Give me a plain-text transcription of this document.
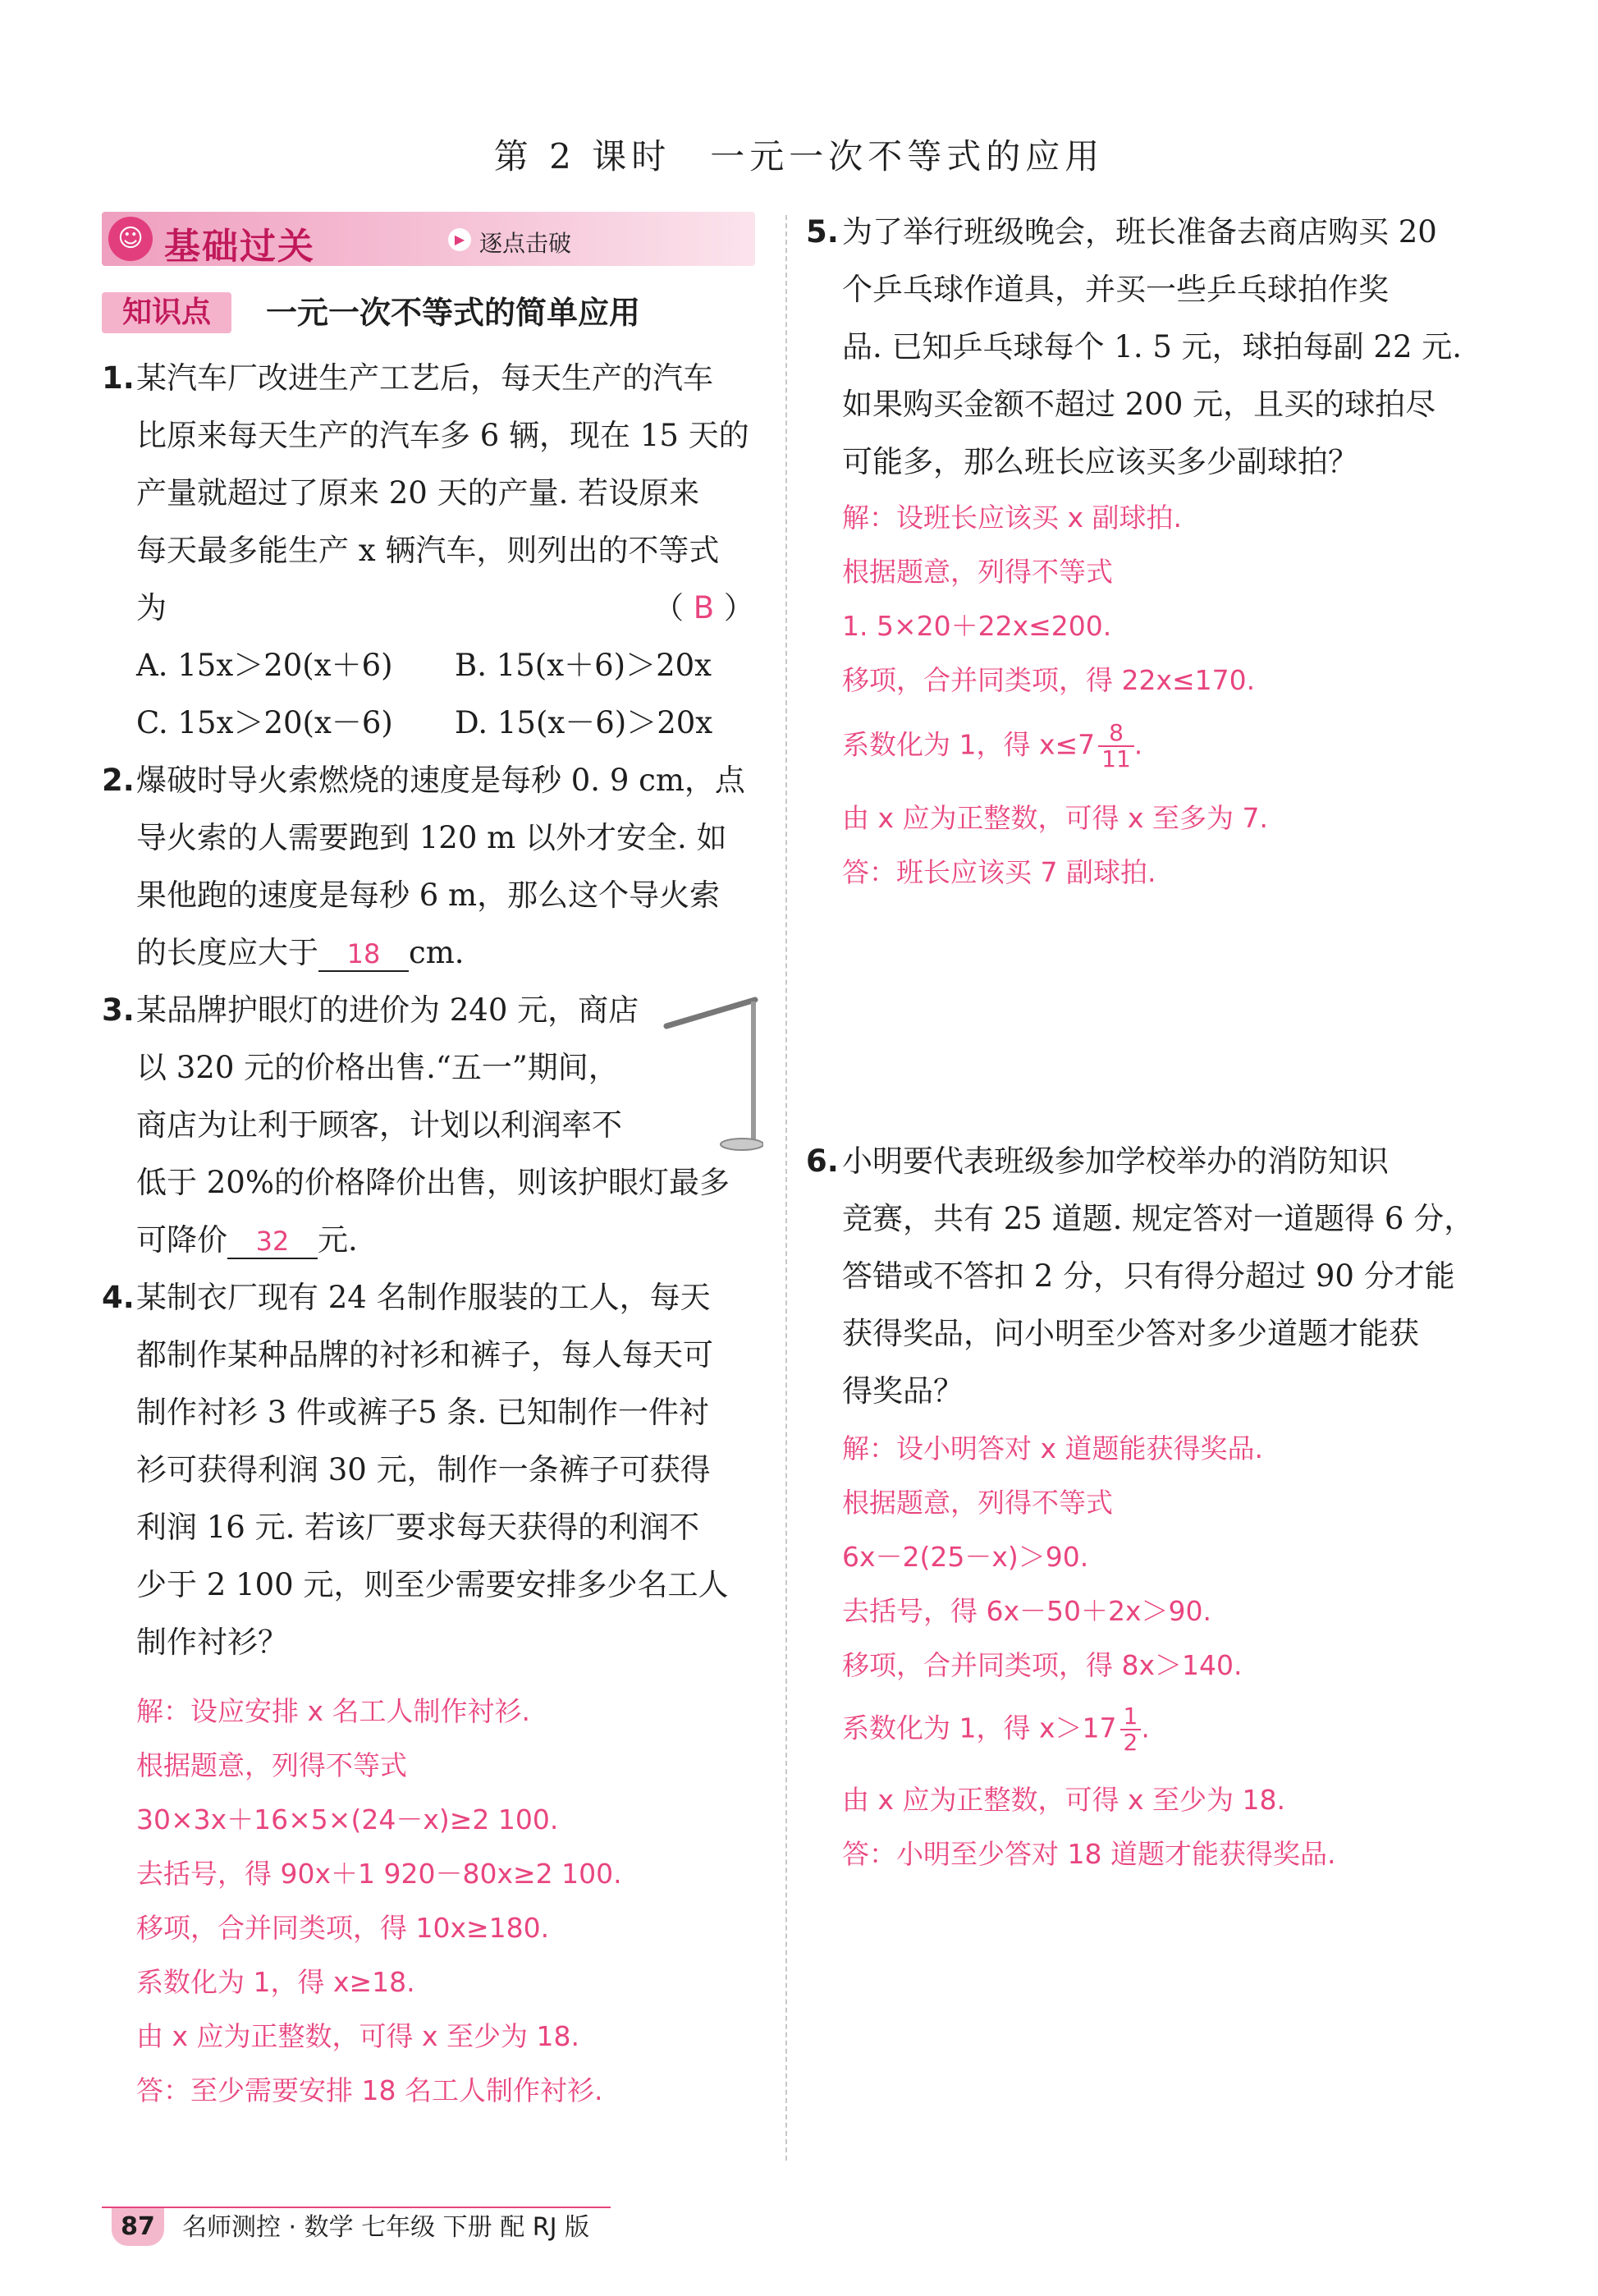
第 2 课时　一元一次不等式的应用
☺ 基础过关	▶ 逐点击破
知识点	一元一次不等式的简单应用
1. 某汽车厂改进生产工艺后，每天生产的汽车
比原来每天生产的汽车多 6 辆，现在 15 天的
产量就超过了原来 20 天的产量. 若设原来
每天最多能生产 x 辆汽车，则列出的不等式
为	（ B ）
A. 15x＞20(x＋6) B. 15(x＋6)＞20x
C. 15x＞20(x－6) D. 15(x－6)＞20x
2. 爆破时导火索燃烧的速度是每秒 0. 9 cm，点
导火索的人需要跑到 120 m 以外才安全. 如
果他跑的速度是每秒 6 m，那么这个导火索
的长度应大于 18 cm.
3. 某品牌护眼灯的进价为 240 元，商店
以 320 元的价格出售.“五一”期间，
商店为让利于顾客，计划以利润率不
低于 20%的价格降价出售，则该护眼灯最多
可降价 32 元.
4. 某制衣厂现有 24 名制作服装的工人，每天
都制作某种品牌的衬衫和裤子，每人每天可
制作衬衫 3 件或裤子5 条. 已知制作一件衬
衫可获得利润 30 元，制作一条裤子可获得
利润 16 元. 若该厂要求每天获得的利润不
少于 2 100 元，则至少需要安排多少名工人
制作衬衫？
解：设应安排 x 名工人制作衬衫.
根据题意，列得不等式
30×3x＋16×5×(24－x)≥2 100.
去括号，得 90x＋1 920－80x≥2 100.
移项，合并同类项，得 10x≥180.
系数化为 1，得 x≥18.
由 x 应为正整数，可得 x 至少为 18.
答：至少需要安排 18 名工人制作衬衫.
5. 为了举行班级晚会，班长准备去商店购买 20
个乒乓球作道具，并买一些乒乓球拍作奖
品. 已知乒乓球每个 1. 5 元，球拍每副 22 元.
如果购买金额不超过 200 元，且买的球拍尽
可能多，那么班长应该买多少副球拍？
解：设班长应该买 x 副球拍.
根据题意，列得不等式
1. 5×20＋22x≤200.
移项，合并同类项，得 22x≤170.
系数化为 1，得 $x\le 7 \frac{8}{11}$ .
由 x 应为正整数，可得 x 至多为 7.
答：班长应该买 7 副球拍.
6. 小明要代表班级参加学校举办的消防知识
竞赛，共有 25 道题. 规定答对一道题得 6 分，
答错或不答扣 2 分，只有得分超过 90 分才能
获得奖品，问小明至少答对多少道题才能获
得奖品？
解：设小明答对 x 道题能获得奖品.
根据题意，列得不等式
6x－2(25－x)＞90.
去括号，得 6x－50＋2x＞90.
移项，合并同类项，得 8x＞140.
系数化为 1，得 $x>17 \frac{1}{2}$ .
由 x 应为正整数，可得 x 至少为 18.
答：小明至少答对 18 道题才能获得奖品.
87	名师测控 · 数学 七年级 下册 配 RJ 版
